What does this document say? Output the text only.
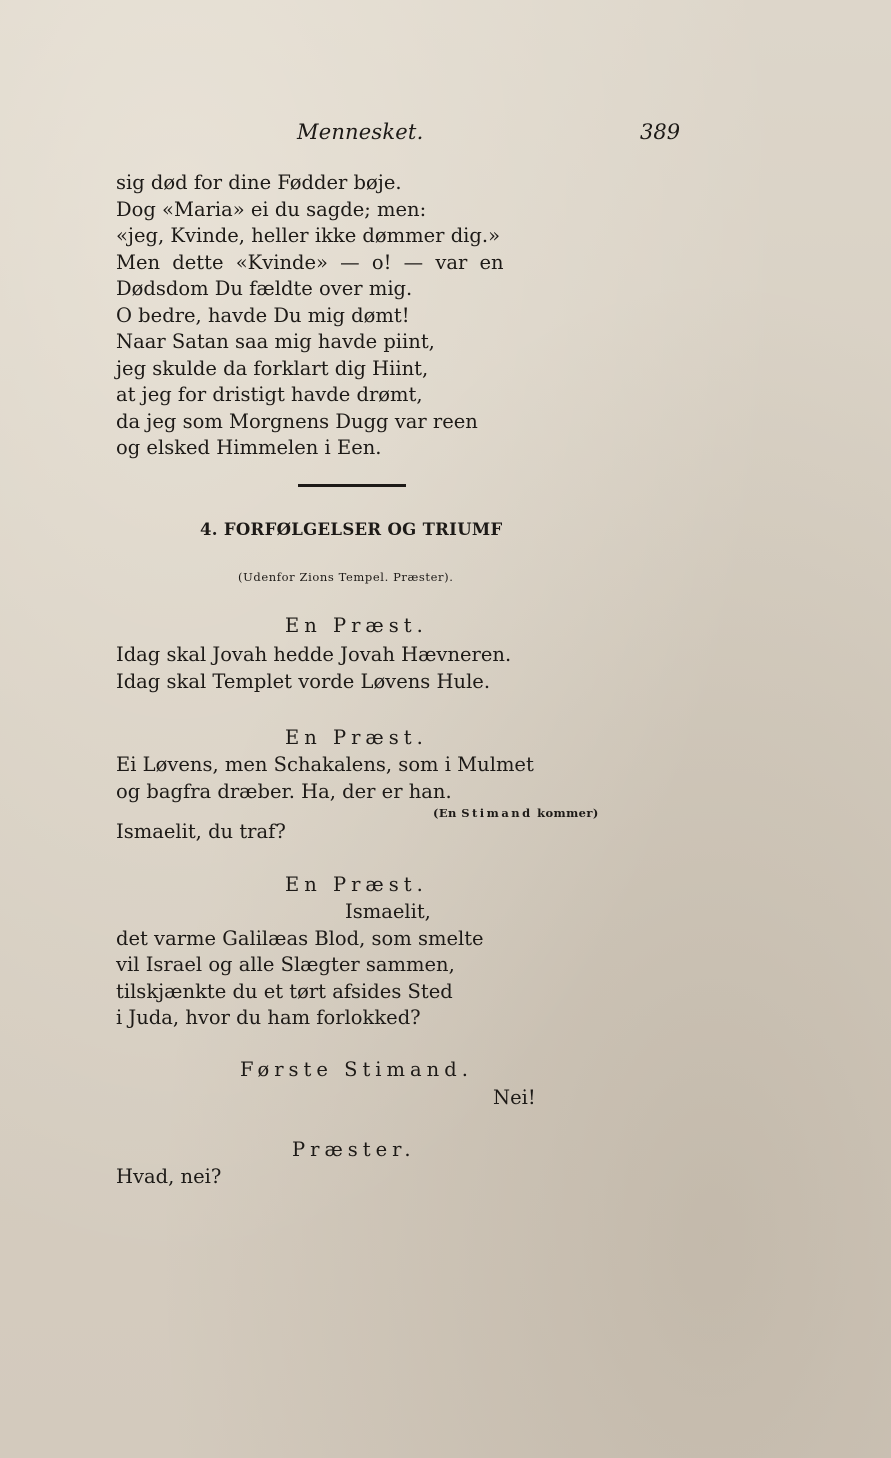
Mennesket.	389
sig død for dine Fødder bøje.
Dog «Maria» ei du sagde; men:
«jeg, Kvinde, heller ikke dømmer dig.»
Men dette «Kvinde» — o! — var en
Dødsdom Du fældte over mig.
O bedre, havde Du mig dømt!
Naar Satan saa mig havde piint,
jeg skulde da forklart dig Hiint,
at jeg for dristigt havde drømt,
da jeg som Morgnens Dugg var reen
og elsked Himmelen i Een.
4. FORFØLGELSER OG TRIUMF
(Udenfor Zions Tempel. Præster).
En Præst.
Idag skal Jovah hedde Jovah Hævneren.
Idag skal Templet vorde Løvens Hule.
En Præst.
Ei Løvens, men Schakalens, som i Mulmet
og bagfra dræber. Ha, der er han.
(En Stimand kommer)
Ismaelit, du traf?
En Præst.
Ismaelit,
det varme Galilæas Blod, som smelte
vil Israel og alle Slægter sammen,
tilskjænkte du et tørt afsides Sted
i Juda, hvor du ham forlokked?
Første Stimand.
Nei!
Præster.
Hvad, nei?
